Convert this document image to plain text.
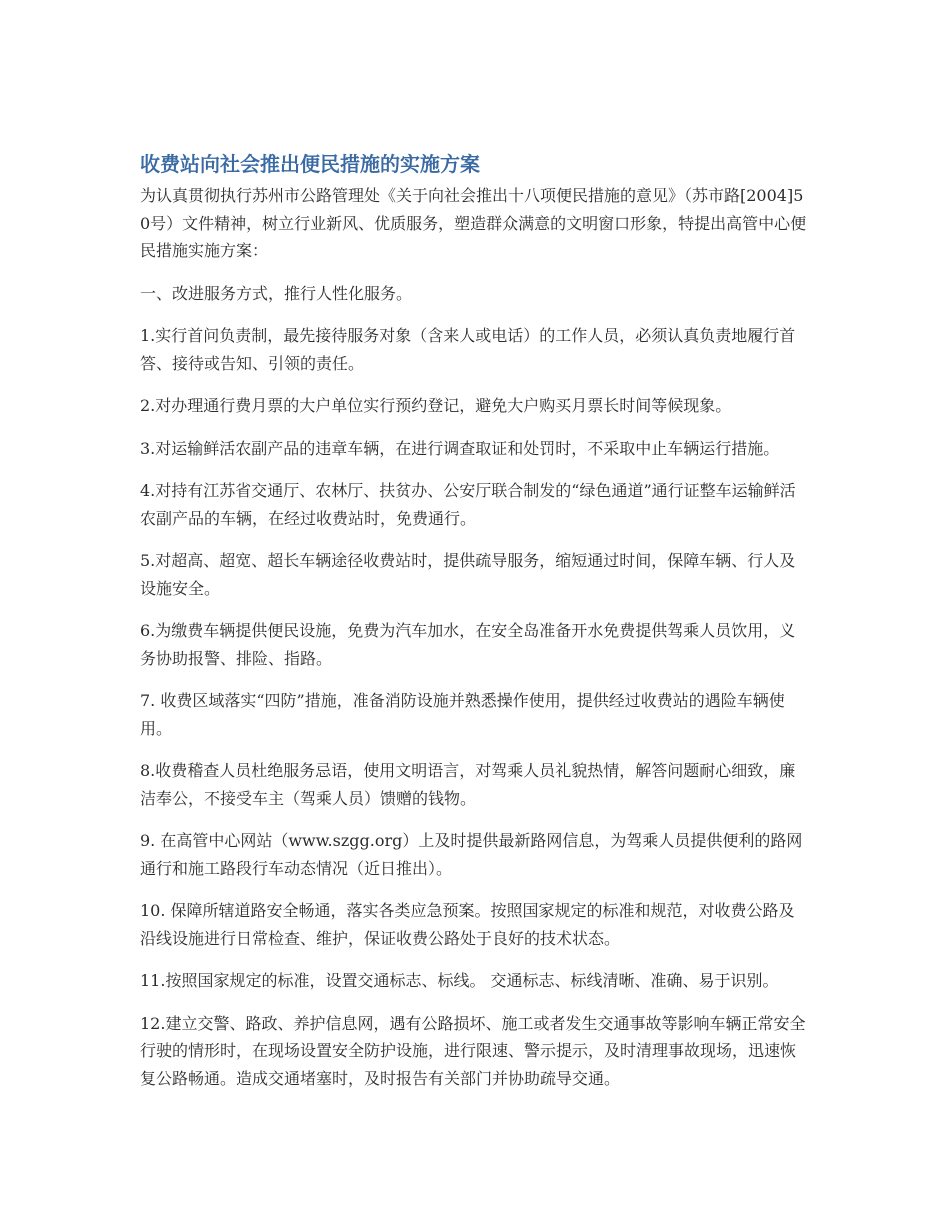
收费站向社会推出便民措施的实施方案

为认真贯彻执行苏州市公路管理处《关于向社会推出十八项便民措施的意见》（苏市路[2004]50号）文件精神，树立行业新风、优质服务，塑造群众满意的文明窗口形象，特提出高管中心便民措施实施方案：

一、改进服务方式，推行人性化服务。

1.实行首问负责制，最先接待服务对象（含来人或电话）的工作人员，必须认真负责地履行首答、接待或告知、引领的责任。

2.对办理通行费月票的大户单位实行预约登记，避免大户购买月票长时间等候现象。

3.对运输鲜活农副产品的违章车辆，在进行调查取证和处罚时，不采取中止车辆运行措施。

4.对持有江苏省交通厅、农林厅、扶贫办、公安厅联合制发的“绿色通道”通行证整车运输鲜活农副产品的车辆，在经过收费站时，免费通行。

5.对超高、超宽、超长车辆途径收费站时，提供疏导服务，缩短通过时间，保障车辆、行人及设施安全。

6.为缴费车辆提供便民设施，免费为汽车加水，在安全岛准备开水免费提供驾乘人员饮用，义务协助报警、排险、指路。

7. 收费区域落实“四防”措施，准备消防设施并熟悉操作使用，提供经过收费站的遇险车辆使用。

8.收费稽查人员杜绝服务忌语，使用文明语言，对驾乘人员礼貌热情，解答问题耐心细致，廉洁奉公，不接受车主（驾乘人员）馈赠的钱物。

9. 在高管中心网站（www.szgg.org）上及时提供最新路网信息，为驾乘人员提供便利的路网通行和施工路段行车动态情况（近日推出）。

10. 保障所辖道路安全畅通，落实各类应急预案。按照国家规定的标准和规范，对收费公路及沿线设施进行日常检查、维护，保证收费公路处于良好的技术状态。

11.按照国家规定的标准，设置交通标志、标线。 交通标志、标线清晰、准确、易于识别。

12.建立交警、路政、养护信息网，遇有公路损坏、施工或者发生交通事故等影响车辆正常安全行驶的情形时，在现场设置安全防护设施，进行限速、警示提示，及时清理事故现场，迅速恢复公路畅通。造成交通堵塞时，及时报告有关部门并协助疏导交通。
